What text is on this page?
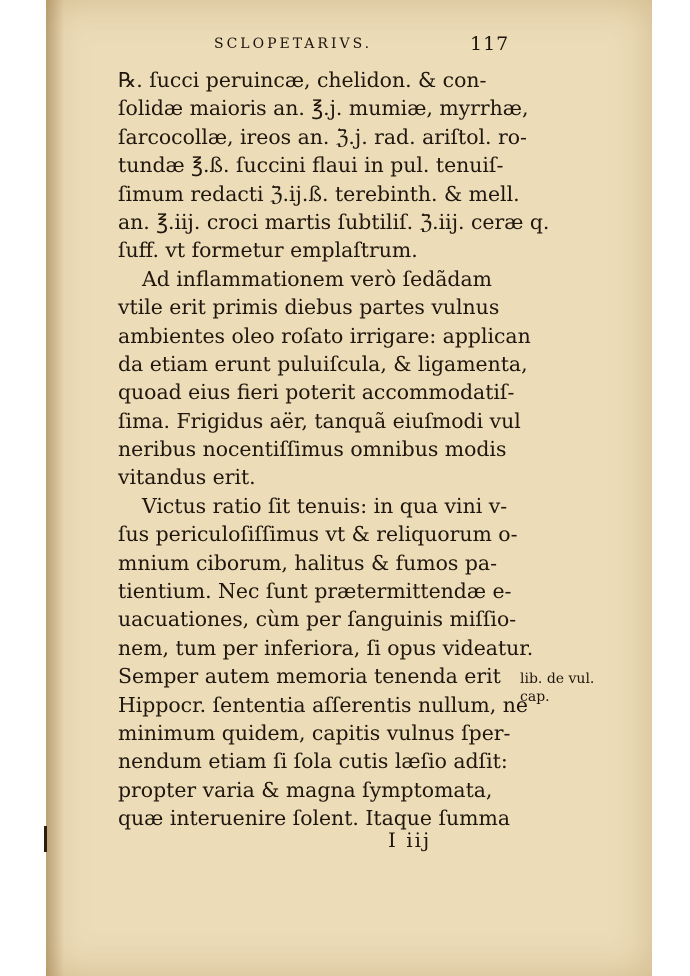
SCLOPETARIVS.	117
℞. ſucci peruincæ, chelidon. & con-
ſolidæ maioris an. ℥.j. mumiæ, myrrhæ,
ſarcocollæ, ireos an. ℨ.j. rad. ariſtol. ro-
tundæ ℥.ß. ſuccini flaui in pul. tenuiſ-
ſimum redacti ℨ.ij.ß. terebinth. & mell.
an. ℥.iij. croci martis ſubtiliſ. ℨ.iij. ceræ q.
ſuff. vt formetur emplaſtrum.
Ad inflammationem verò ſedãdam
vtile erit primis diebus partes vulnus
ambientes oleo roſato irrigare: applican
da etiam erunt puluiſcula, & ligamenta,
quoad eius fieri poterit accommodatiſ-
ſima. Frigidus aër, tanquã eiuſmodi vul
neribus nocentiſſimus omnibus modis
vitandus erit.
Victus ratio ſit tenuis: in qua vini v-
ſus periculoſiſſimus vt & reliquorum o-
mnium ciborum, halitus & fumos pa-
tientium. Nec ſunt prætermittendæ e-
uacuationes, cùm per ſanguinis miſſio-
nem, tum per inferiora, ſi opus videatur.
Semper autem memoria tenenda erit
Hippocr. ſententia aſſerentis nullum, ne
minimum quidem, capitis vulnus ſper-
nendum etiam ſi ſola cutis læſio adſit:
propter varia & magna ſymptomata,
quæ interuenire ſolent. Itaque ſumma
lib. de vul.
cap.
I iij
